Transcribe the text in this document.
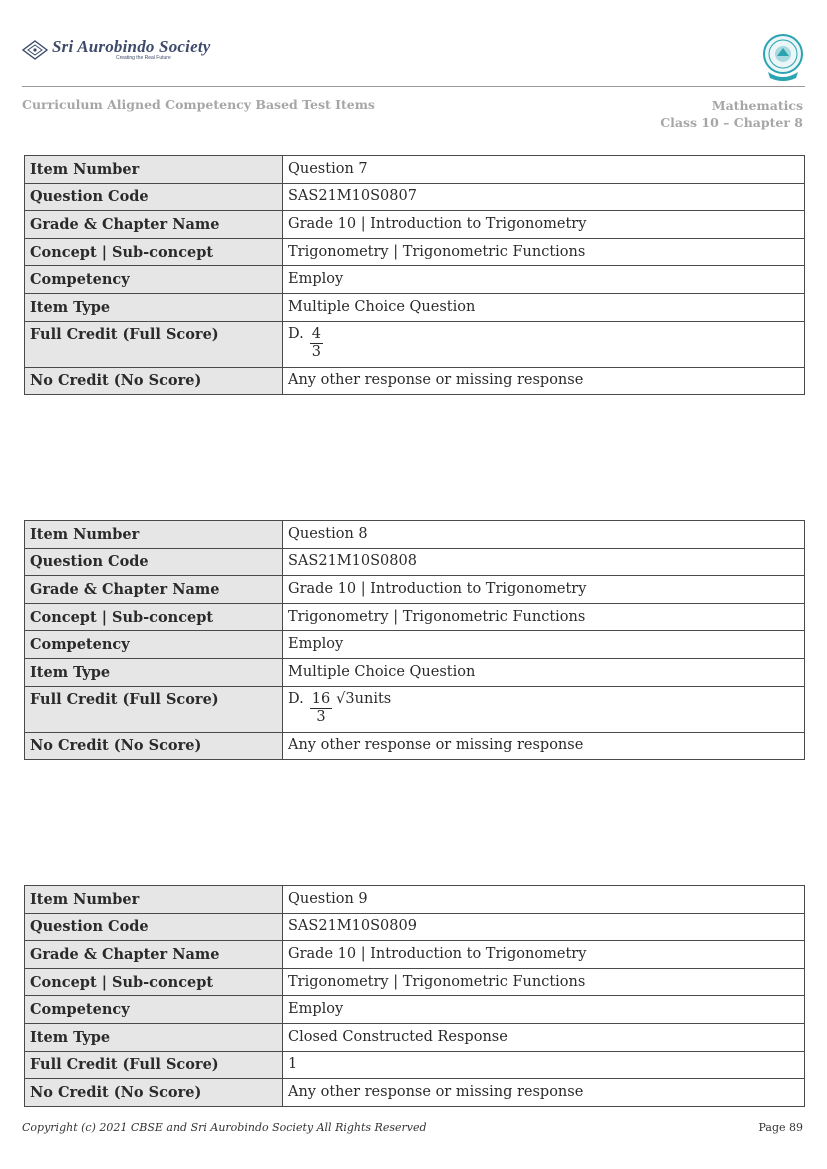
Sri Aurobindo Society
Creating the Real Future
Curriculum Aligned Competency Based Test Items	Mathematics
Class 10 – Chapter 8
Item Number	Question 7
Question Code	SAS21M10S0807
Grade & Chapter Name	Grade 10 | Introduction to Trigonometry
Concept | Sub-concept	Trigonometry | Trigonometric Functions
Competency	Employ
Item Type	Multiple Choice Question
Full Credit (Full Score)	D. $\frac{4}{3}$

No Credit (No Score)	Any other response or missing response
Item Number	Question 8
Question Code	SAS21M10S0808
Grade & Chapter Name	Grade 10 | Introduction to Trigonometry
Concept | Sub-concept	Trigonometry | Trigonometric Functions
Competency	Employ
Item Type	Multiple Choice Question
Full Credit (Full Score)	D. $\frac{16}{3}$ √3units

No Credit (No Score)	Any other response or missing response
Item Number	Question 9
Question Code	SAS21M10S0809
Grade & Chapter Name	Grade 10 | Introduction to Trigonometry
Concept | Sub-concept	Trigonometry | Trigonometric Functions
Competency	Employ
Item Type	Closed Constructed Response
Full Credit (Full Score)	1
No Credit (No Score)	Any other response or missing response
Copyright (c) 2021 CBSE and Sri Aurobindo Society All Rights Reserved	Page 89
